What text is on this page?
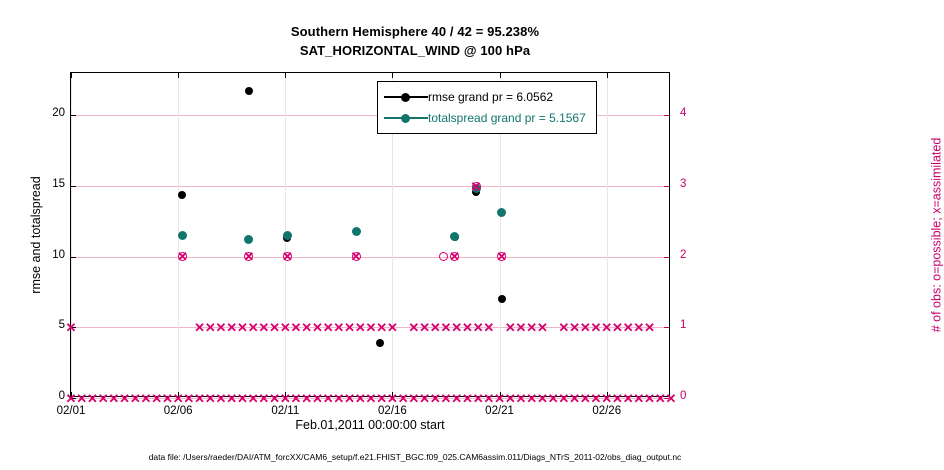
Southern Hemisphere 40 / 42 = 95.238%
SAT_HORIZONTAL_WIND @ 100 hPa
02/01	02/06	02/11	02/16	02/21	02/26
0
5
10
15
20
0
1
2
3
4
✕ ✕ ✕ ✕ ✕ ✕ ✕ ✕ ✕ ✕ ✕ ✕ ✕ ✕ ✕ ✕ ✕ ✕ ✕ ✕ ✕ ✕ ✕ ✕ ✕ ✕ ✕ ✕ ✕ ✕ ✕ ✕ ✕ ✕ ✕ ✕ ✕ ✕ ✕ ✕ ✕ ✕ ✕ ✕ ✕ ✕ ✕ ✕ ✕ ✕ ✕ ✕ ✕ ✕ ✕ ✕ ✕
✕ ✕ ✕ ✕ ✕ ✕ ✕ ✕ ✕ ✕ ✕ ✕ ✕ ✕ ✕ ✕ ✕ ✕ ✕ ✕ ✕ ✕ ✕ ✕ ✕ ✕ ✕ ✕ ✕ ✕ ✕ ✕ ✕ ✕ ✕ ✕ ✕ ✕ ✕ ✕
✕
✕	✕ ✕	✕	✕	✕
✕
rmse and totalspread	# of obs: o=possible; x=assimilated
Feb.01,2011 00:00:00 start
rmse grand pr = 6.0562
totalspread grand pr = 5.1567
data file: /Users/raeder/DAI/ATM_forcXX/CAM6_setup/f.e21.FHIST_BGC.f09_025.CAM6assim.011/Diags_NTrS_2011-02/obs_diag_output.nc
